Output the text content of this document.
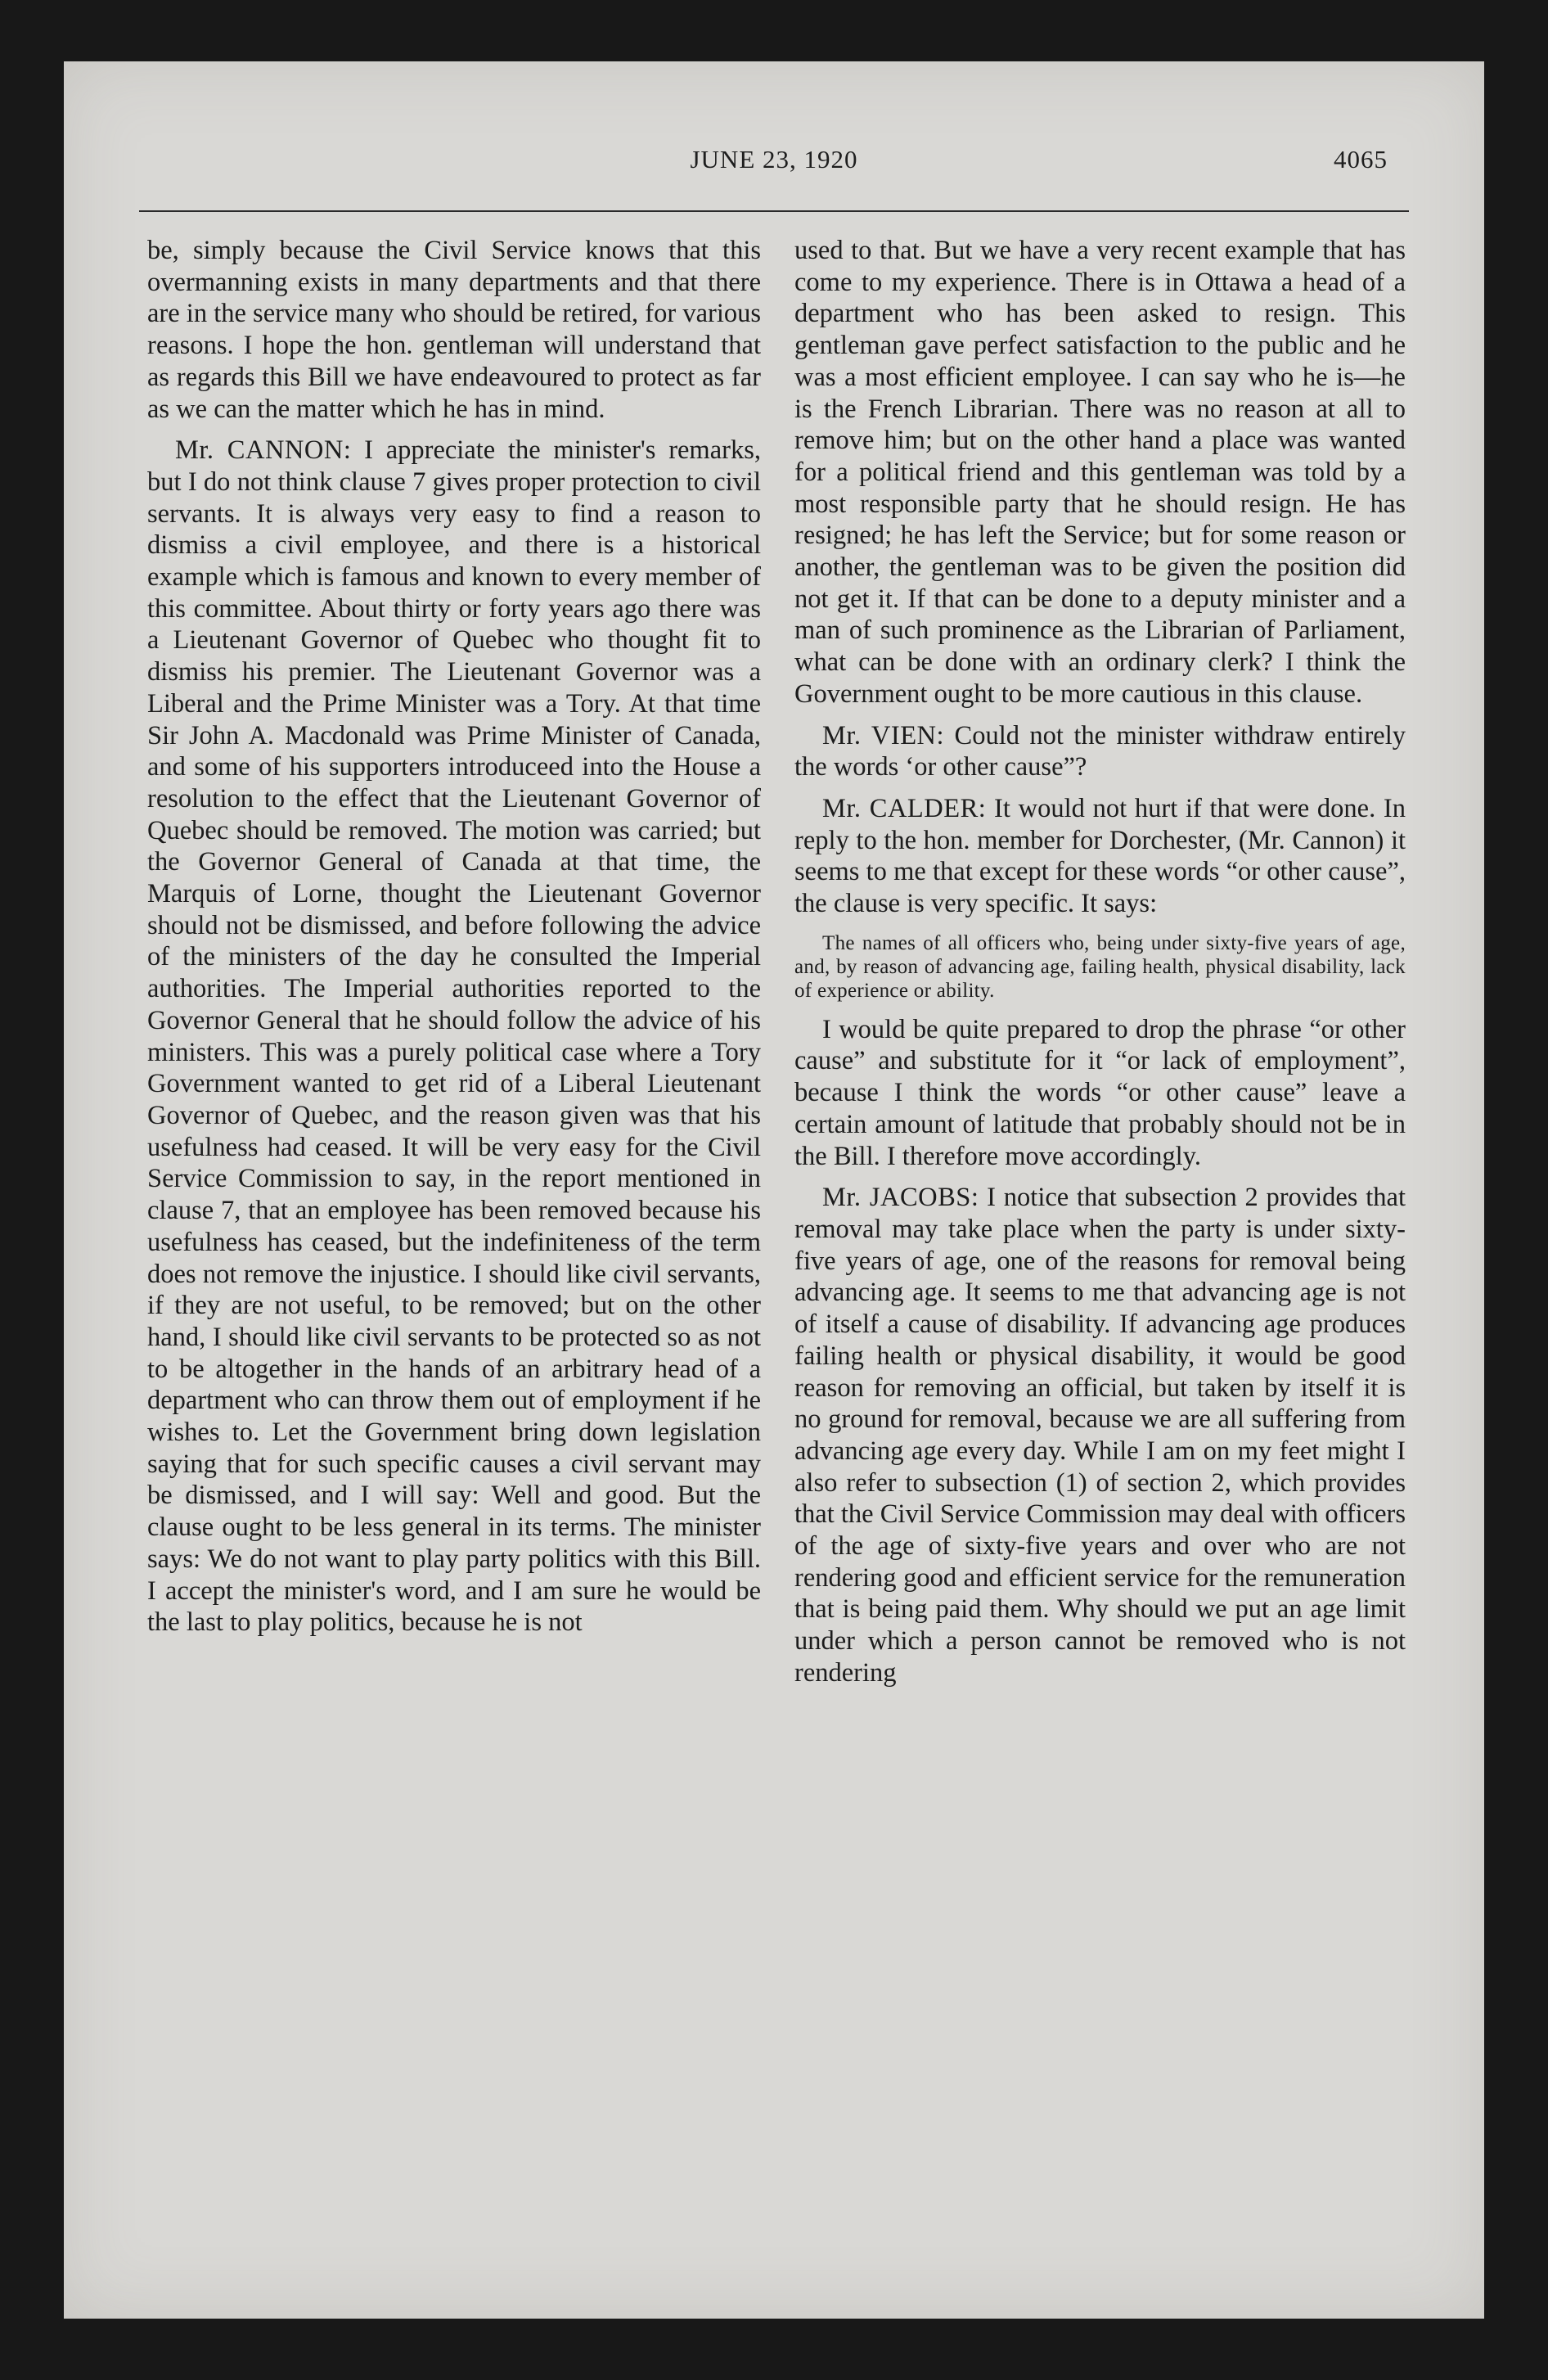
JUNE 23, 1920	4065

be, simply because the Civil Service knows that this overmanning exists in many departments and that there are in the service many who should be retired, for various reasons. I hope the hon. gentleman will understand that as regards this Bill we have endeavoured to protect as far as we can the matter which he has in mind.

Mr. CANNON: I appreciate the minister's remarks, but I do not think clause 7 gives proper protection to civil servants. It is always very easy to find a reason to dismiss a civil employee, and there is a historical example which is famous and known to every member of this committee. About thirty or forty years ago there was a Lieutenant Governor of Quebec who thought fit to dismiss his premier. The Lieutenant Governor was a Liberal and the Prime Minister was a Tory. At that time Sir John A. Macdonald was Prime Minister of Canada, and some of his supporters introduceed into the House a resolution to the effect that the Lieutenant Governor of Quebec should be removed. The motion was carried; but the Governor General of Canada at that time, the Marquis of Lorne, thought the Lieutenant Governor should not be dismissed, and before following the advice of the ministers of the day he consulted the Imperial authorities. The Imperial authorities reported to the Governor General that he should follow the advice of his ministers. This was a purely political case where a Tory Government wanted to get rid of a Liberal Lieutenant Governor of Quebec, and the reason given was that his usefulness had ceased. It will be very easy for the Civil Service Commission to say, in the report mentioned in clause 7, that an employee has been removed because his usefulness has ceased, but the indefiniteness of the term does not remove the injustice. I should like civil servants, if they are not useful, to be removed; but on the other hand, I should like civil servants to be protected so as not to be altogether in the hands of an arbitrary head of a department who can throw them out of employment if he wishes to. Let the Government bring down legislation saying that for such specific causes a civil servant may be dismissed, and I will say: Well and good. But the clause ought to be less general in its terms. The minister says: We do not want to play party politics with this Bill. I accept the minister's word, and I am sure he would be the last to play politics, because he is not

used to that. But we have a very recent example that has come to my experience. There is in Ottawa a head of a department who has been asked to resign. This gentleman gave perfect satisfaction to the public and he was a most efficient employee. I can say who he is—he is the French Librarian. There was no reason at all to remove him; but on the other hand a place was wanted for a political friend and this gentleman was told by a most responsible party that he should resign. He has resigned; he has left the Service; but for some reason or another, the gentleman was to be given the position did not get it. If that can be done to a deputy minister and a man of such prominence as the Librarian of Parliament, what can be done with an ordinary clerk? I think the Government ought to be more cautious in this clause.

Mr. VIEN: Could not the minister withdraw entirely the words ‘or other cause”?

Mr. CALDER: It would not hurt if that were done. In reply to the hon. member for Dorchester, (Mr. Cannon) it seems to me that except for these words “or other cause”, the clause is very specific. It says:

The names of all officers who, being under sixty-five years of age, and, by reason of advancing age, failing health, physical disability, lack of experience or ability.

I would be quite prepared to drop the phrase “or other cause” and substitute for it “or lack of employment”, because I think the words “or other cause” leave a certain amount of latitude that probably should not be in the Bill. I therefore move accordingly.

Mr. JACOBS: I notice that subsection 2 provides that removal may take place when the party is under sixty-five years of age, one of the reasons for removal being advancing age. It seems to me that advancing age is not of itself a cause of disability. If advancing age produces failing health or physical disability, it would be good reason for removing an official, but taken by itself it is no ground for removal, because we are all suffering from advancing age every day. While I am on my feet might I also refer to subsection (1) of section 2, which provides that the Civil Service Commission may deal with officers of the age of sixty-five years and over who are not rendering good and efficient service for the remuneration that is being paid them. Why should we put an age limit under which a person cannot be removed who is not rendering
